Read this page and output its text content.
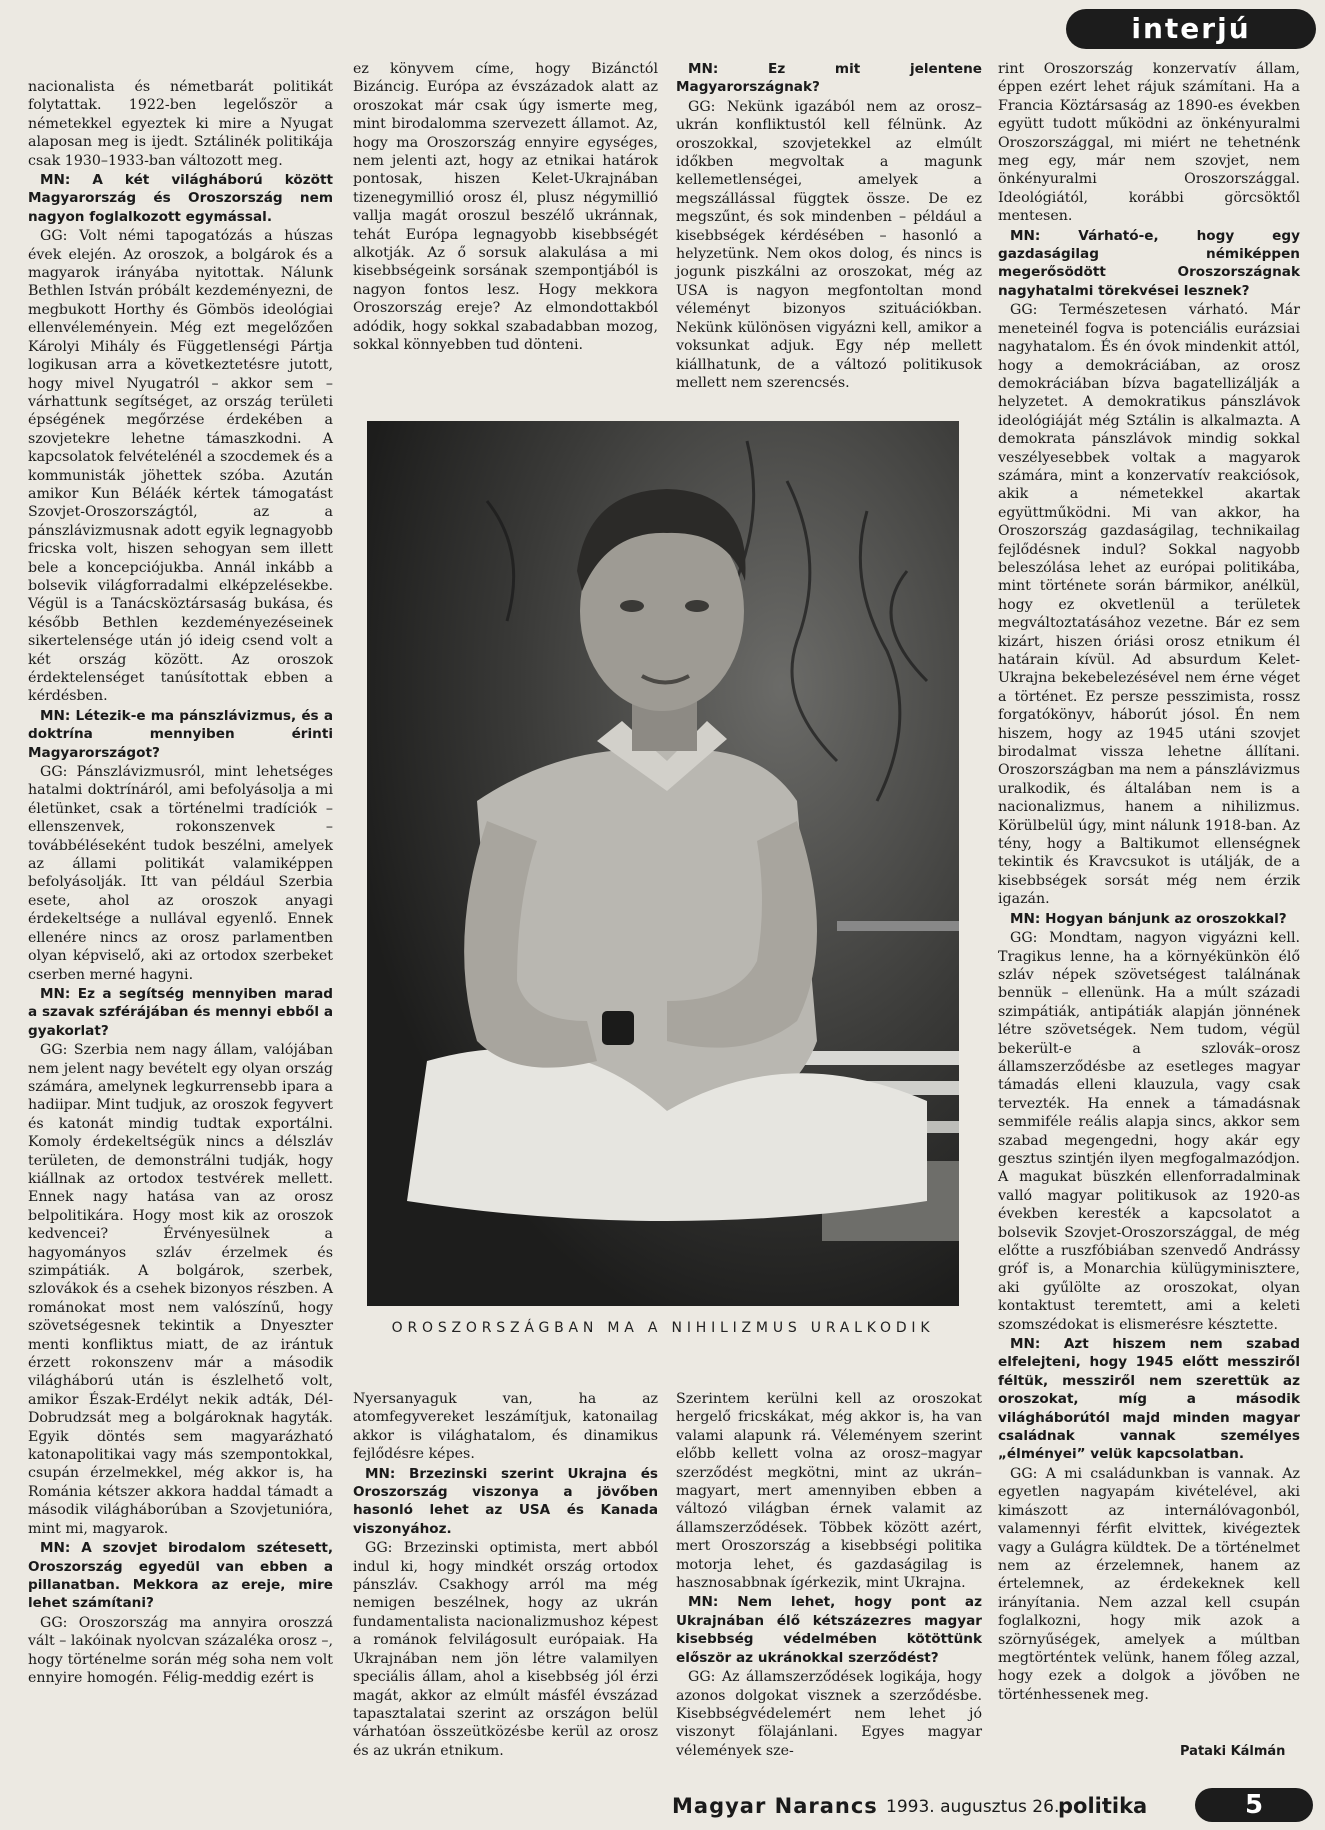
interjú

nacionalista és németbarát politikát folytattak. 1922-ben legelőször a németekkel egyeztek ki mire a Nyugat alaposan meg is ijedt. Sztálinék politikája csak 1930–1933-ban változott meg.

MN: A két világháború között Magyarország és Oroszország nem nagyon foglalkozott egymással.

GG: Volt némi tapogatózás a húszas évek elején. Az oroszok, a bolgárok és a magyarok irányába nyitottak. Nálunk Bethlen István próbált kezdeményezni, de megbukott Horthy és Gömbös ideológiai ellenvéleményein. Még ezt megelőzően Károlyi Mihály és Függetlenségi Pártja logikusan arra a következtetésre jutott, hogy mivel Nyugatról – akkor sem – várhattunk segítséget, az ország területi épségének megőrzése érdekében a szovjetekre lehetne támaszkodni. A kapcsolatok felvételénél a szocdemek és a kommunisták jöhettek szóba. Azután amikor Kun Béláék kértek támogatást Szovjet-Oroszországtól, az a pánszlávizmusnak adott egyik legnagyobb fricska volt, hiszen sehogyan sem illett bele a koncepciójukba. Annál inkább a bolsevik világforradalmi elképzelésekbe. Végül is a Tanácsköztársaság bukása, és később Bethlen kezdeményezéseinek sikertelensége után jó ideig csend volt a két ország között. Az oroszok érdektelenséget tanúsítottak ebben a kérdésben.

MN: Létezik-e ma pánszlávizmus, és a doktrína mennyiben érinti Magyarországot?

GG: Pánszlávizmusról, mint lehetséges hatalmi doktrínáról, ami befolyásolja a mi életünket, csak a történelmi tradíciók – ellenszenvek, rokonszenvek – továbbéléseként tudok beszélni, amelyek az állami politikát valamiképpen befolyásolják. Itt van például Szerbia esete, ahol az oroszok anyagi érdekeltsége a nullával egyenlő. Ennek ellenére nincs az orosz parlamentben olyan képviselő, aki az ortodox szerbeket cserben merné hagyni.

MN: Ez a segítség mennyiben marad a szavak szférájában és mennyi ebből a gyakorlat?

GG: Szerbia nem nagy állam, valójában nem jelent nagy bevételt egy olyan ország számára, amelynek legkurrensebb ipara a hadiipar. Mint tudjuk, az oroszok fegyvert és katonát mindig tudtak exportálni. Komoly érdekeltségük nincs a délszláv területen, de demonstrálni tudják, hogy kiállnak az ortodox testvérek mellett. Ennek nagy hatása van az orosz belpolitikára. Hogy most kik az oroszok kedvencei? Érvényesülnek a hagyományos szláv érzelmek és szimpátiák. A bolgárok, szerbek, szlovákok és a csehek bizonyos részben. A románokat most nem valószínű, hogy szövetségesnek tekintik a Dnyeszter menti konfliktus miatt, de az irántuk érzett rokonszenv már a második világháború után is észlelhető volt, amikor Észak-Erdélyt nekik adták, Dél-Dobrudzsát meg a bolgároknak hagyták. Egyik döntés sem magyarázható katonapolitikai vagy más szempontokkal, csupán érzelmekkel, még akkor is, ha Románia kétszer akkora haddal támadt a második világháborúban a Szovjetunióra, mint mi, magyarok.

MN: A szovjet birodalom szétesett, Oroszország egyedül van ebben a pillanatban. Mekkora az ereje, mire lehet számítani?

GG: Oroszország ma annyira oroszzá vált – lakóinak nyolcvan százaléka orosz –, hogy történelme során még soha nem volt ennyire homogén. Félig-meddig ezért is

ez könyvem címe, hogy Bizánctól Bizáncig. Európa az évszázadok alatt az oroszokat már csak úgy ismerte meg, mint birodalomma szervezett államot. Az, hogy ma Oroszország ennyire egységes, nem jelenti azt, hogy az etnikai határok pontosak, hiszen Kelet-Ukrajnában tizenegymillió orosz él, plusz négymillió vallja magát oroszul beszélő ukránnak, tehát Európa legnagyobb kisebbségét alkotják. Az ő sorsuk alakulása a mi kisebbségeink sorsának szempontjából is nagyon fontos lesz. Hogy mekkora Oroszország ereje? Az elmondottakból adódik, hogy sokkal szabadabban mozog, sokkal könnyebben tud dönteni.

MN: Ez mit jelentene Magyarországnak?

GG: Nekünk igazából nem az orosz–ukrán konfliktustól kell félnünk. Az oroszokkal, szovjetekkel az elmúlt időkben megvoltak a magunk kellemetlenségei, amelyek a megszállással függtek össze. De ez megszűnt, és sok mindenben – például a kisebbségek kérdésében – hasonló a helyzetünk. Nem okos dolog, és nincs is jogunk piszkálni az oroszokat, még az USA is nagyon megfontoltan mond véleményt bizonyos szituációkban. Nekünk különösen vigyázni kell, amikor a voksunkat adjuk. Egy nép mellett kiállhatunk, de a változó politikusok mellett nem szerencsés.

rint Oroszország konzervatív állam, éppen ezért lehet rájuk számítani. Ha a Francia Köztársaság az 1890-es években együtt tudott működni az önkényuralmi Oroszországgal, mi miért ne tehetnénk meg egy, már nem szovjet, nem önkényuralmi Oroszországgal. Ideológiától, korábbi görcsöktől mentesen.

MN: Várható-e, hogy egy gazdaságilag némiképpen megerősödött Oroszországnak nagyhatalmi törekvései lesznek?

GG: Természetesen várható. Már meneteinél fogva is potenciális eurázsiai nagyhatalom. És én óvok mindenkit attól, hogy a demokráciában, az orosz demokráciában bízva bagatellizálják a helyzetet. A demokratikus pánszlávok ideológiáját még Sztálin is alkalmazta. A demokrata pánszlávok mindig sokkal veszélyesebbek voltak a magyarok számára, mint a konzervatív reakciósok, akik a németekkel akartak együttműködni. Mi van akkor, ha Oroszország gazdaságilag, technikailag fejlődésnek indul? Sokkal nagyobb beleszólása lehet az európai politikába, mint története során bármikor, anélkül, hogy ez okvetlenül a területek megváltoztatásához vezetne. Bár ez sem kizárt, hiszen óriási orosz etnikum él határain kívül. Ad absurdum Kelet-Ukrajna bekebelezésével nem érne véget a történet. Ez persze pesszimista, rossz forgatókönyv, háborút jósol. Én nem hiszem, hogy az 1945 utáni szovjet birodalmat vissza lehetne állítani. Oroszországban ma nem a pánszlávizmus uralkodik, és általában nem is a nacionalizmus, hanem a nihilizmus. Körülbelül úgy, mint nálunk 1918-ban. Az tény, hogy a Baltikumot ellenségnek tekintik és Kravcsukot is utálják, de a kisebbségek sorsát még nem érzik igazán.

MN: Hogyan bánjunk az oroszokkal?

GG: Mondtam, nagyon vigyázni kell. Tragikus lenne, ha a környékünkön élő szláv népek szövetségest találnának bennük – ellenünk. Ha a múlt századi szimpátiák, antipátiák alapján jönnének létre szövetségek. Nem tudom, végül bekerült-e a szlovák–orosz államszerződésbe az esetleges magyar támadás elleni klauzula, vagy csak tervezték. Ha ennek a támadásnak semmiféle reális alapja sincs, akkor sem szabad megengedni, hogy akár egy gesztus szintjén ilyen megfogalmazódjon. A magukat büszkén ellenforradalminak valló magyar politikusok az 1920-as években keresték a kapcsolatot a bolsevik Szovjet-Oroszországgal, de még előtte a ruszfóbiában szenvedő Andrássy gróf is, a Monarchia külügyminisztere, aki gyűlölte az oroszokat, olyan kontaktust teremtett, ami a keleti szomszédokat is elismerésre késztette.

MN: Azt hiszem nem szabad elfelejteni, hogy 1945 előtt messziről féltük, messziről nem szerettük az oroszokat, míg a második világháborútól majd minden magyar családnak vannak személyes „élményei” velük kapcsolatban.

GG: A mi családunkban is vannak. Az egyetlen nagyapám kivételével, aki kimászott az internálóvagonból, valamennyi férfit elvittek, kivégeztek vagy a Gulágra küldtek. De a történelmet nem az érzelemnek, hanem az értelemnek, az érdekeknek kell irányítania. Nem azzal kell csupán foglalkozni, hogy mik azok a szörnyűségek, amelyek a múltban megtörténtek velünk, hanem főleg azzal, hogy ezek a dolgok a jövőben ne történhessenek meg.

OROSZORSZÁGBAN MA A NIHILIZMUS URALKODIK

Nyersanyaguk van, ha az atomfegyvereket leszámítjuk, katonailag akkor is világhatalom, és dinamikus fejlődésre képes.

MN: Brzezinski szerint Ukrajna és Oroszország viszonya a jövőben hasonló lehet az USA és Kanada viszonyához.

GG: Brzezinski optimista, mert abból indul ki, hogy mindkét ország ortodox pánszláv. Csakhogy arról ma még nemigen beszélnek, hogy az ukrán fundamentalista nacionalizmushoz képest a románok felvilágosult európaiak. Ha Ukrajnában nem jön létre valamilyen speciális állam, ahol a kisebbség jól érzi magát, akkor az elmúlt másfél évszázad tapasztalatai szerint az országon belül várhatóan összeütközésbe kerül az orosz és az ukrán etnikum.

Szerintem kerülni kell az oroszokat hergelő fricskákat, még akkor is, ha van valami alapunk rá. Véleményem szerint előbb kellett volna az orosz–magyar szerződést megkötni, mint az ukrán–magyart, mert amennyiben ebben a változó világban érnek valamit az államszerződések. Többek között azért, mert Oroszország a kisebbségi politika motorja lehet, és gazdaságilag is hasznosabbnak ígérkezik, mint Ukrajna.

MN: Nem lehet, hogy pont az Ukrajnában élő kétszázezres magyar kisebbség védelmében kötöttünk először az ukránokkal szerződést?

GG: Az államszerződések logikája, hogy azonos dolgokat visznek a szerződésbe. Kisebbségvédelemért nem lehet jó viszonyt fölajánlani. Egyes magyar vélemények sze-	Pataki Kálmán
Magyar Narancs 1993. augusztus 26.
politika	5
